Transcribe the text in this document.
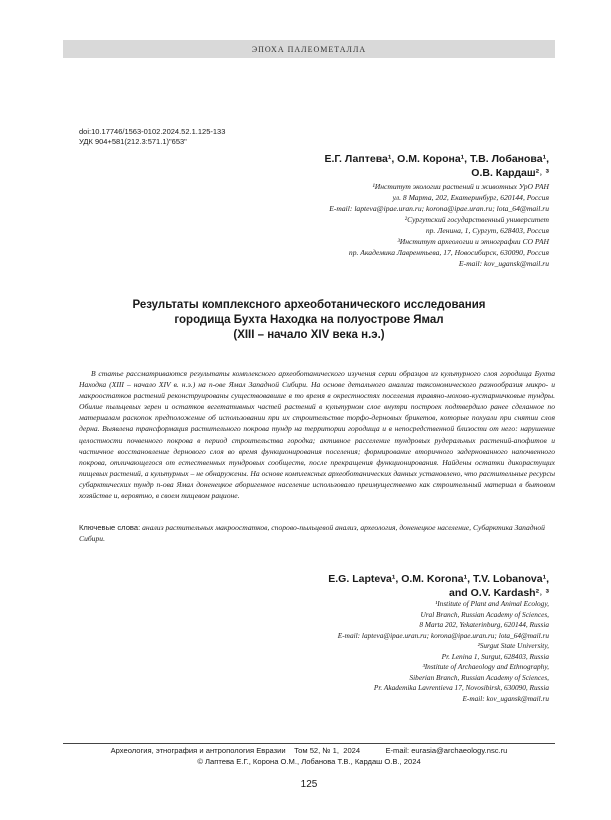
ЭПОХА ПАЛЕОМЕТАЛЛА
doi:10.17746/1563-0102.2024.52.1.125-133
УДК 904+581(212.3:571.1)"653"
Е.Г. Лаптева¹, О.М. Корона¹, Т.В. Лобанова¹,
О.В. Кардаш²˒ ³
¹Институт экологии растений и животных УрО РАН
ул. 8 Марта, 202, Екатеринбург, 620144, Россия
E-mail: lapteva@ipae.uran.ru; korona@ipae.uran.ru; lota_64@mail.ru
²Сургутский государственный университет
пр. Ленина, 1, Сургут, 628403, Россия
³Институт археологии и этнографии СО РАН
пр. Академика Лаврентьева, 17, Новосибирск, 630090, Россия
E-mail: kov_ugansk@mail.ru
Результаты комплексного археоботанического исследования
городища Бухта Находка на полуострове Ямал
(XIII – начало XIV века н.э.)

В статье рассматриваются результаты комплексного археоботанического изучения серии образцов из культурного слоя городища Бухта Находка (XIII – начало XIV в. н.э.) на п-ове Ямал Западной Сибири. На основе детального анализа таксономического разнообразия микро- и макроостатков растений реконструированы существовавшие в то время в окрестностях поселения травяно-мохово-кустарничковые тундры. Обилие пыльцевых зерен и остатков вегетативных частей растений в культурном слое внутри построек подтвердило ранее сделанное по материалам раскопок предположение об использовании при их строительстве торфо-дерновых брикетов, которые похуали при снятии слоя дерна. Выявлена трансформация растительного покрова тундр на территории городища и в непосредственной близости от него: нарушение целостности почвенного покрова в период строительства городка; активное расселение тундровых рудеральных растений-апофитов и частичное восстановление дернового слоя во время функционирования поселения; формирование вторичного задернованного напочвенного покрова, отличающегося от естественных тундровых сообществ, после прекращения функционирования. Найдены остатки дикорастущих пищевых растений, а культурных – не обнаружены. На основе комплексных археоботанических данных установлено, что растительные ресурсы субарктических тундр п-ова Ямал доненецкое аборигенное население использовало преимущественно как строительный материал в бытовом хозяйстве и, вероятно, в своем пищевом рационе.

Ключевые слова: анализ растительных макроостатков, спорово-пыльцевой анализ, археология, доненецкое население, Субарктика Западной Сибири.

E.G. Lapteva¹, O.M. Korona¹, T.V. Lobanova¹,
and O.V. Kardash²˒ ³
¹Institute of Plant and Animal Ecology,
Ural Branch, Russian Academy of Sciences,
8 Marta 202, Yekaterinburg, 620144, Russia
E-mail: lapteva@ipae.uran.ru; korona@ipae.uran.ru; lota_64@mail.ru
²Surgut State University,
Pr. Lenina 1, Surgut, 628403, Russia
³Institute of Archaeology and Ethnography,
Siberian Branch, Russian Academy of Sciences,
Pr. Akademika Lavrentieva 17, Novosibirsk, 630090, Russia
E-mail: kov_ugansk@mail.ru
Археология, этнография и антропология Евразии Том 52, № 1, 2024	E-mail: eurasia@archaeology.nsc.ru
© Лаптева Е.Г., Корона О.М., Лобанова Т.В., Кардаш О.В., 2024
125
